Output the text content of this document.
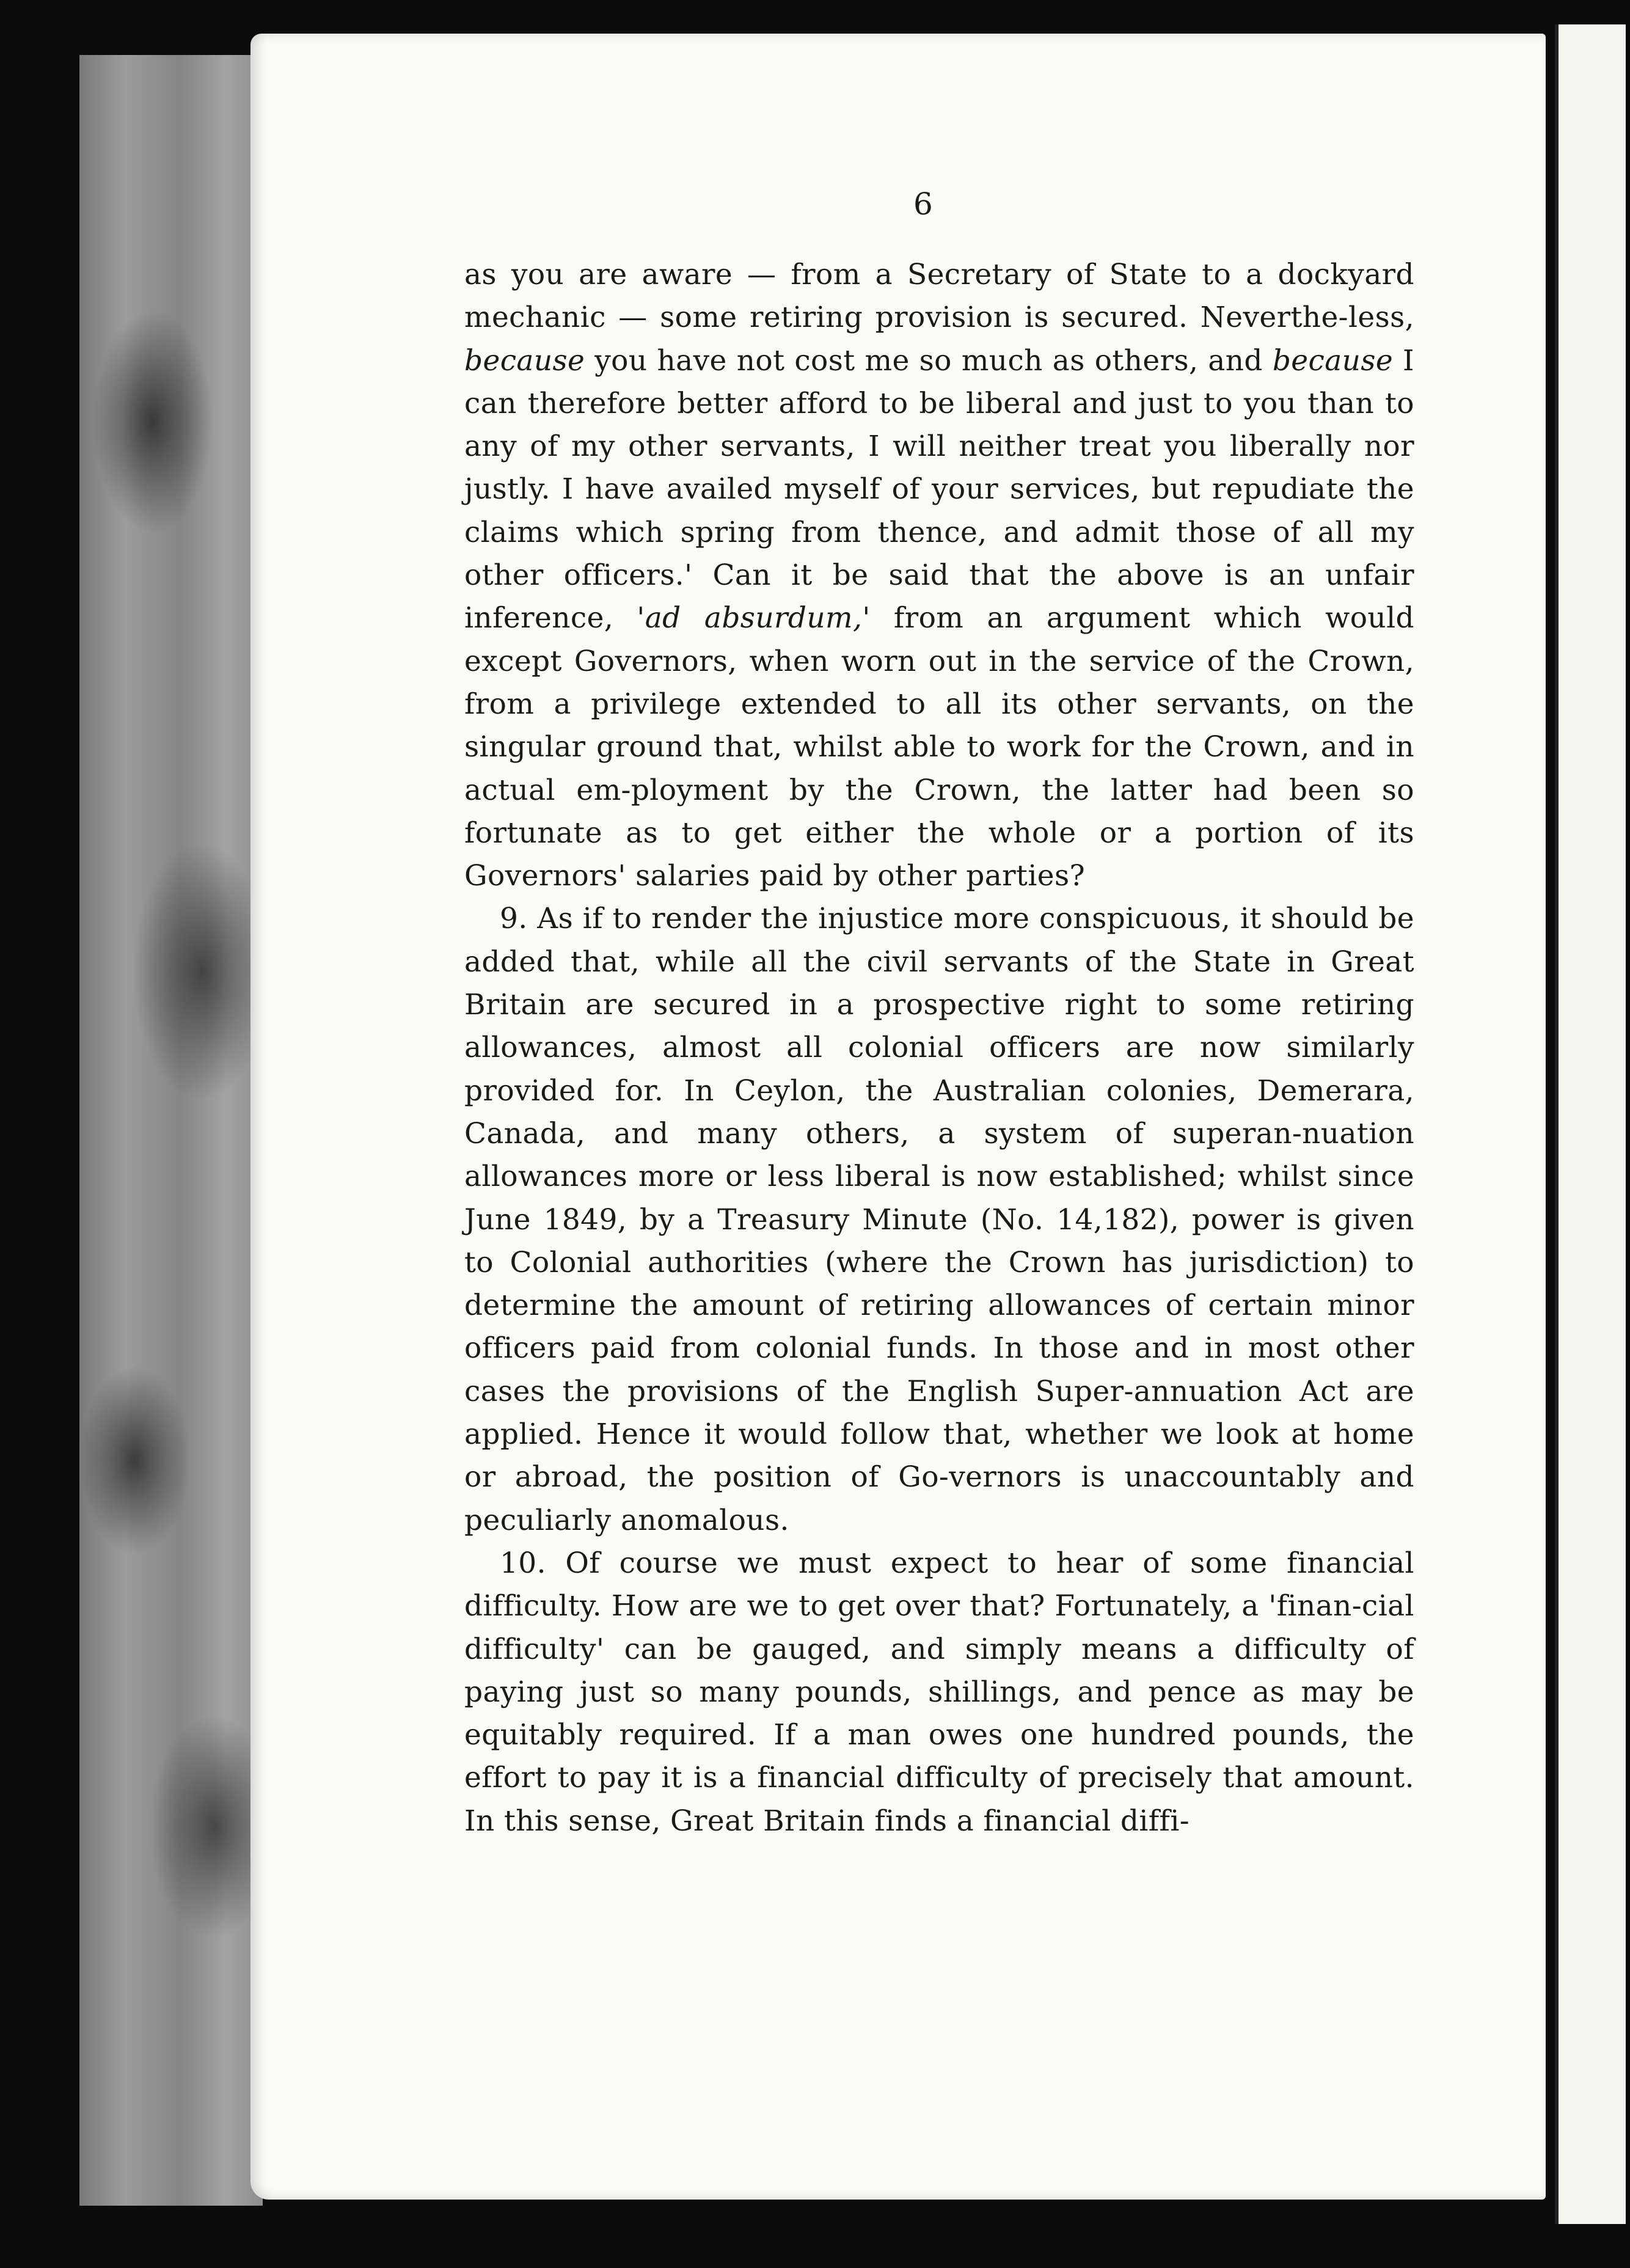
6

as you are aware — from a Secretary of State to a dockyard mechanic — some retiring provision is secured. Neverthe-less, because you have not cost me so much as others, and because I can therefore better afford to be liberal and just to you than to any of my other servants, I will neither treat you liberally nor justly. I have availed myself of your services, but repudiate the claims which spring from thence, and admit those of all my other officers.' Can it be said that the above is an unfair inference, 'ad absurdum,' from an argument which would except Governors, when worn out in the service of the Crown, from a privilege extended to all its other servants, on the singular ground that, whilst able to work for the Crown, and in actual em-ployment by the Crown, the latter had been so fortunate as to get either the whole or a portion of its Governors' salaries paid by other parties?

9. As if to render the injustice more conspicuous, it should be added that, while all the civil servants of the State in Great Britain are secured in a prospective right to some retiring allowances, almost all colonial officers are now similarly provided for. In Ceylon, the Australian colonies, Demerara, Canada, and many others, a system of superan-nuation allowances more or less liberal is now established; whilst since June 1849, by a Treasury Minute (No. 14,182), power is given to Colonial authorities (where the Crown has jurisdiction) to determine the amount of retiring allowances of certain minor officers paid from colonial funds. In those and in most other cases the provisions of the English Super-annuation Act are applied. Hence it would follow that, whether we look at home or abroad, the position of Go-vernors is unaccountably and peculiarly anomalous.

10. Of course we must expect to hear of some financial difficulty. How are we to get over that? Fortunately, a 'finan-cial difficulty' can be gauged, and simply means a difficulty of paying just so many pounds, shillings, and pence as may be equitably required. If a man owes one hundred pounds, the effort to pay it is a financial difficulty of precisely that amount. In this sense, Great Britain finds a financial diffi-
